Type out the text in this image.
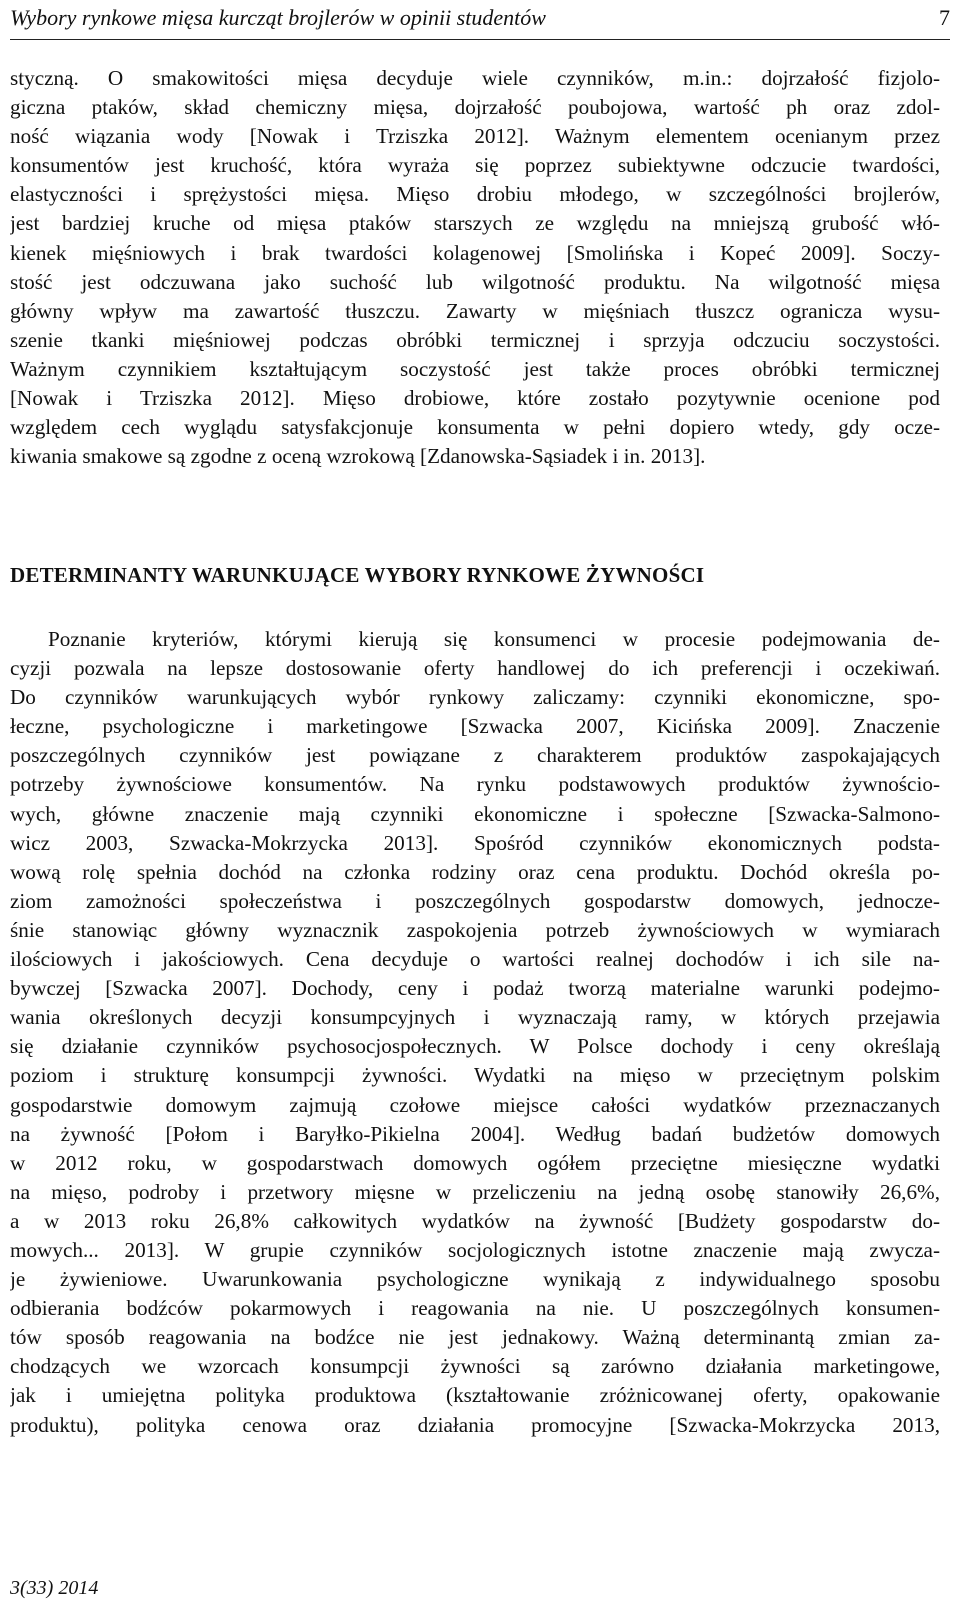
Wybory rynkowe mięsa kurcząt brojlerów w opinii studentów	7
styczną. O smakowitości mięsa decyduje wiele czynników, m.in.: dojrzałość fizjolo-
giczna ptaków, skład chemiczny mięsa, dojrzałość poubojowa, wartość ph oraz zdol-
ność wiązania wody [Nowak i Trziszka 2012]. Ważnym elementem ocenianym przez
konsumentów jest kruchość, która wyraża się poprzez subiektywne odczucie twardości,
elastyczności i sprężystości mięsa. Mięso drobiu młodego, w szczególności brojlerów,
jest bardziej kruche od mięsa ptaków starszych ze względu na mniejszą grubość włó-
kienek mięśniowych i brak twardości kolagenowej [Smolińska i Kopeć 2009]. Soczy-
stość jest odczuwana jako suchość lub wilgotność produktu. Na wilgotność mięsa
główny wpływ ma zawartość tłuszczu. Zawarty w mięśniach tłuszcz ogranicza wysu-
szenie tkanki mięśniowej podczas obróbki termicznej i sprzyja odczuciu soczystości.
Ważnym czynnikiem kształtującym soczystość jest także proces obróbki termicznej
[Nowak i Trziszka 2012]. Mięso drobiowe, które zostało pozytywnie ocenione pod
względem cech wyglądu satysfakcjonuje konsumenta w pełni dopiero wtedy, gdy ocze-
kiwania smakowe są zgodne z oceną wzrokową [Zdanowska-Sąsiadek i in. 2013].
DETERMINANTY WARUNKUJĄCE WYBORY RYNKOWE ŻYWNOŚCI
Poznanie kryteriów, którymi kierują się konsumenci w procesie podejmowania de-
cyzji pozwala na lepsze dostosowanie oferty handlowej do ich preferencji i oczekiwań.
Do czynników warunkujących wybór rynkowy zaliczamy: czynniki ekonomiczne, spo-
łeczne, psychologiczne i marketingowe [Szwacka 2007, Kicińska 2009]. Znaczenie
poszczególnych czynników jest powiązane z charakterem produktów zaspokajających
potrzeby żywnościowe konsumentów. Na rynku podstawowych produktów żywnościo-
wych, główne znaczenie mają czynniki ekonomiczne i społeczne [Szwacka-Salmono-
wicz 2003, Szwacka-Mokrzycka 2013]. Spośród czynników ekonomicznych podsta-
wową rolę spełnia dochód na członka rodziny oraz cena produktu. Dochód określa po-
ziom zamożności społeczeństwa i poszczególnych gospodarstw domowych, jednocze-
śnie stanowiąc główny wyznacznik zaspokojenia potrzeb żywnościowych w wymiarach
ilościowych i jakościowych. Cena decyduje o wartości realnej dochodów i ich sile na-
bywczej [Szwacka 2007]. Dochody, ceny i podaż tworzą materialne warunki podejmo-
wania określonych decyzji konsumpcyjnych i wyznaczają ramy, w których przejawia
się działanie czynników psychosocjospołecznych. W Polsce dochody i ceny określają
poziom i strukturę konsumpcji żywności. Wydatki na mięso w przeciętnym polskim
gospodarstwie domowym zajmują czołowe miejsce całości wydatków przeznaczanych
na żywność [Połom i Baryłko-Pikielna 2004]. Według badań budżetów domowych
w 2012 roku, w gospodarstwach domowych ogółem przeciętne miesięczne wydatki
na mięso, podroby i przetwory mięsne w przeliczeniu na jedną osobę stanowiły 26,6%,
a w 2013 roku 26,8% całkowitych wydatków na żywność [Budżety gospodarstw do-
mowych... 2013]. W grupie czynników socjologicznych istotne znaczenie mają zwycza-
je żywieniowe. Uwarunkowania psychologiczne wynikają z indywidualnego sposobu
odbierania bodźców pokarmowych i reagowania na nie. U poszczególnych konsumen-
tów sposób reagowania na bodźce nie jest jednakowy. Ważną determinantą zmian za-
chodzących we wzorcach konsumpcji żywności są zarówno działania marketingowe,
jak i umiejętna polityka produktowa (kształtowanie zróżnicowanej oferty, opakowanie
produktu), polityka cenowa oraz działania promocyjne [Szwacka-Mokrzycka 2013,
3(33) 2014
